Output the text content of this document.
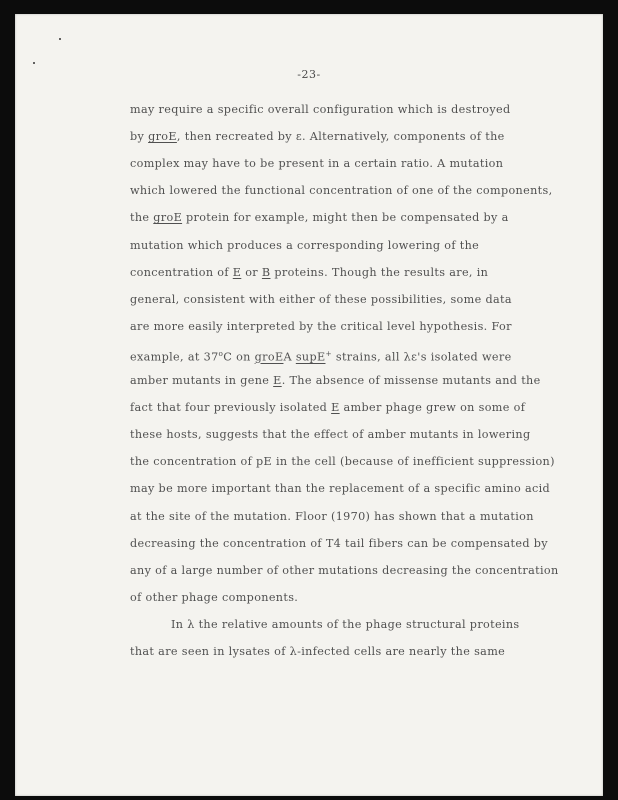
-23-
may require a specific overall configuration which is destroyed
by groE, then recreated by ε. Alternatively, components of the
complex may have to be present in a certain ratio. A mutation
which lowered the functional concentration of one of the components,
the groE protein for example, might then be compensated by a
mutation which produces a corresponding lowering of the
concentration of E or B proteins. Though the results are, in
general, consistent with either of these possibilities, some data
are more easily interpreted by the critical level hypothesis. For
example, at 37$^o$C on groEA supE+ strains, all λε's isolated were
amber mutants in gene E. The absence of missense mutants and the
fact that four previously isolated E amber phage grew on some of
these hosts, suggests that the effect of amber mutants in lowering
the concentration of pE in the cell (because of inefficient suppression)
may be more important than the replacement of a specific amino acid
at the site of the mutation. Floor (1970) has shown that a mutation
decreasing the concentration of T4 tail fibers can be compensated by
any of a large number of other mutations decreasing the concentration
of other phage components.
In λ the relative amounts of the phage structural proteins
that are seen in lysates of λ-infected cells are nearly the same
